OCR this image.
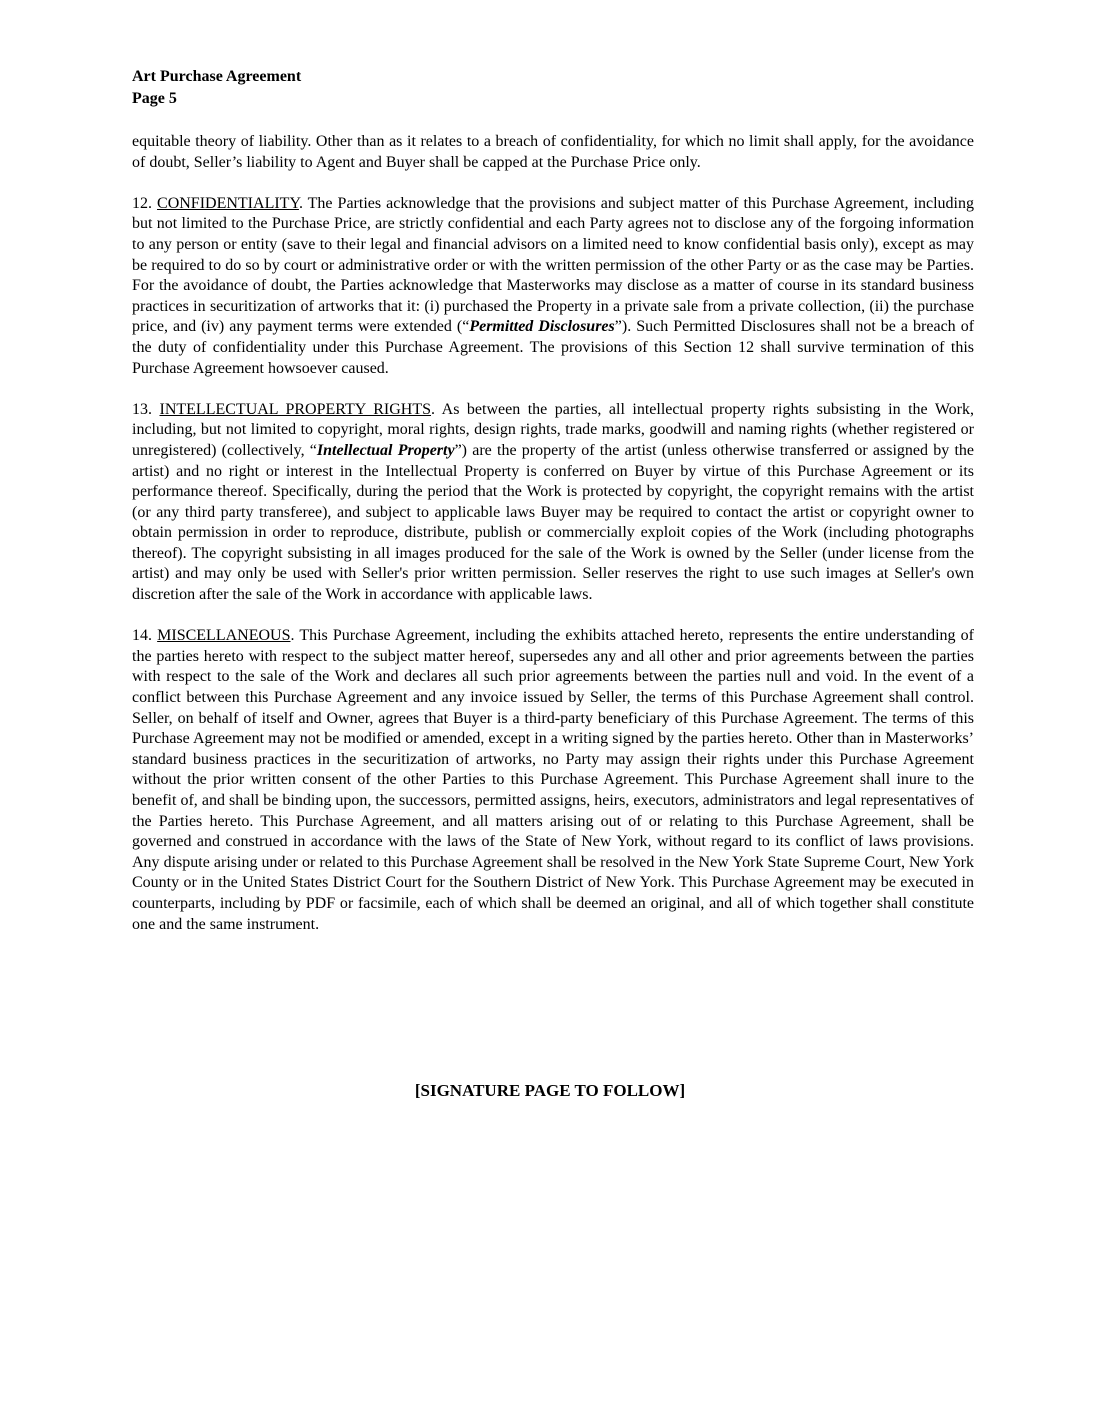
Art Purchase Agreement
Page 5

equitable theory of liability. Other than as it relates to a breach of confidentiality, for which no limit shall apply, for the avoidance of doubt, Seller’s liability to Agent and Buyer shall be capped at the Purchase Price only.

12. CONFIDENTIALITY. The Parties acknowledge that the provisions and subject matter of this Purchase Agreement, including but not limited to the Purchase Price, are strictly confidential and each Party agrees not to disclose any of the forgoing information to any person or entity (save to their legal and financial advisors on a limited need to know confidential basis only), except as may be required to do so by court or administrative order or with the written permission of the other Party or as the case may be Parties. For the avoidance of doubt, the Parties acknowledge that Masterworks may disclose as a matter of course in its standard business practices in securitization of artworks that it: (i) purchased the Property in a private sale from a private collection, (ii) the purchase price, and (iv) any payment terms were extended (“Permitted Disclosures”). Such Permitted Disclosures shall not be a breach of the duty of confidentiality under this Purchase Agreement. The provisions of this Section 12 shall survive termination of this Purchase Agreement howsoever caused.

13. INTELLECTUAL PROPERTY RIGHTS. As between the parties, all intellectual property rights subsisting in the Work, including, but not limited to copyright, moral rights, design rights, trade marks, goodwill and naming rights (whether registered or unregistered) (collectively, “Intellectual Property”) are the property of the artist (unless otherwise transferred or assigned by the artist) and no right or interest in the Intellectual Property is conferred on Buyer by virtue of this Purchase Agreement or its performance thereof. Specifically, during the period that the Work is protected by copyright, the copyright remains with the artist (or any third party transferee), and subject to applicable laws Buyer may be required to contact the artist or copyright owner to obtain permission in order to reproduce, distribute, publish or commercially exploit copies of the Work (including photographs thereof). The copyright subsisting in all images produced for the sale of the Work is owned by the Seller (under license from the artist) and may only be used with Seller's prior written permission. Seller reserves the right to use such images at Seller's own discretion after the sale of the Work in accordance with applicable laws.

14. MISCELLANEOUS. This Purchase Agreement, including the exhibits attached hereto, represents the entire understanding of the parties hereto with respect to the subject matter hereof, supersedes any and all other and prior agreements between the parties with respect to the sale of the Work and declares all such prior agreements between the parties null and void. In the event of a conflict between this Purchase Agreement and any invoice issued by Seller, the terms of this Purchase Agreement shall control. Seller, on behalf of itself and Owner, agrees that Buyer is a third-party beneficiary of this Purchase Agreement. The terms of this Purchase Agreement may not be modified or amended, except in a writing signed by the parties hereto. Other than in Masterworks’ standard business practices in the securitization of artworks, no Party may assign their rights under this Purchase Agreement without the prior written consent of the other Parties to this Purchase Agreement. This Purchase Agreement shall inure to the benefit of, and shall be binding upon, the successors, permitted assigns, heirs, executors, administrators and legal representatives of the Parties hereto. This Purchase Agreement, and all matters arising out of or relating to this Purchase Agreement, shall be governed and construed in accordance with the laws of the State of New York, without regard to its conflict of laws provisions. Any dispute arising under or related to this Purchase Agreement shall be resolved in the New York State Supreme Court, New York County or in the United States District Court for the Southern District of New York. This Purchase Agreement may be executed in counterparts, including by PDF or facsimile, each of which shall be deemed an original, and all of which together shall constitute one and the same instrument.

[SIGNATURE PAGE TO FOLLOW]
